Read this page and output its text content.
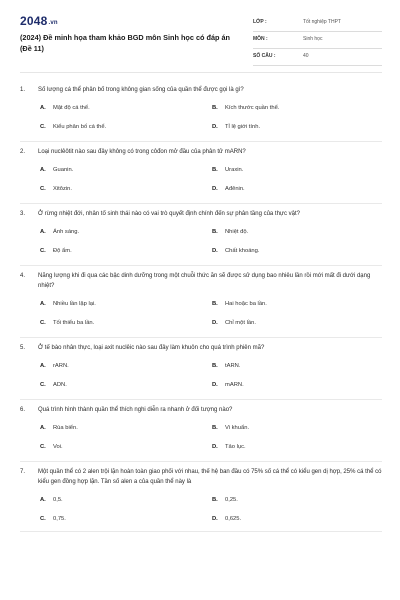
2048.vn
(2024) Đề minh họa tham khảo BGD môn Sinh học có đáp án (Đề 11)
LỚP :	Tốt nghiệp THPT
MÔN :	Sinh học
SỐ CÂU :	40
1. Số lượng cá thể phân bố trong không gian sống của quần thể được gọi là gì?
A. Mật độ cá thể.	B. Kích thước quần thể.
C. Kiểu phân bố cá thể.	D. Tỉ lệ giới tính.
2. Loại nuclêôtit nào sau đây không có trong côđon mở đầu của phân tử mARN?
A. Guanin.	B. Uraxin.
C. Xitôzin.	D. Ađênin.
3. Ở rừng nhiệt đới, nhân tố sinh thái nào có vai trò quyết định chính đến sự phân tầng của thực vật?
A. Ánh sáng.	B. Nhiệt độ.
C. Độ ẩm.	D. Chất khoáng.
4. Năng lượng khi đi qua các bậc dinh dưỡng trong một chuỗi thức ăn sẽ được sử dụng bao nhiêu lần rồi mới mất đi dưới dạng nhiệt?
A. Nhiều lần lặp lại.	B. Hai hoặc ba lần.
C. Tối thiểu ba lần.	D. Chỉ một lần.
5. Ở tế bào nhân thực, loại axit nuclêic nào sau đây làm khuôn cho quá trình phiên mã?
A. rARN.	B. tARN.
C. ADN.	D. mARN.
6. Quá trình hình thành quần thể thích nghi diễn ra nhanh ở đối tượng nào?
A. Rùa biển.	B. Vi khuẩn.
C. Voi.	D. Tảo lục.
7. Một quần thể có 2 alen trội lặn hoàn toàn giao phối với nhau, thế hệ ban đầu có 75% số cá thể có kiểu gen dị hợp, 25% cá thể có kiểu gen đồng hợp lặn. Tần số alen a của quần thể này là
A. 0,5.	B. 0,25.
C. 0,75.	D. 0,625.
